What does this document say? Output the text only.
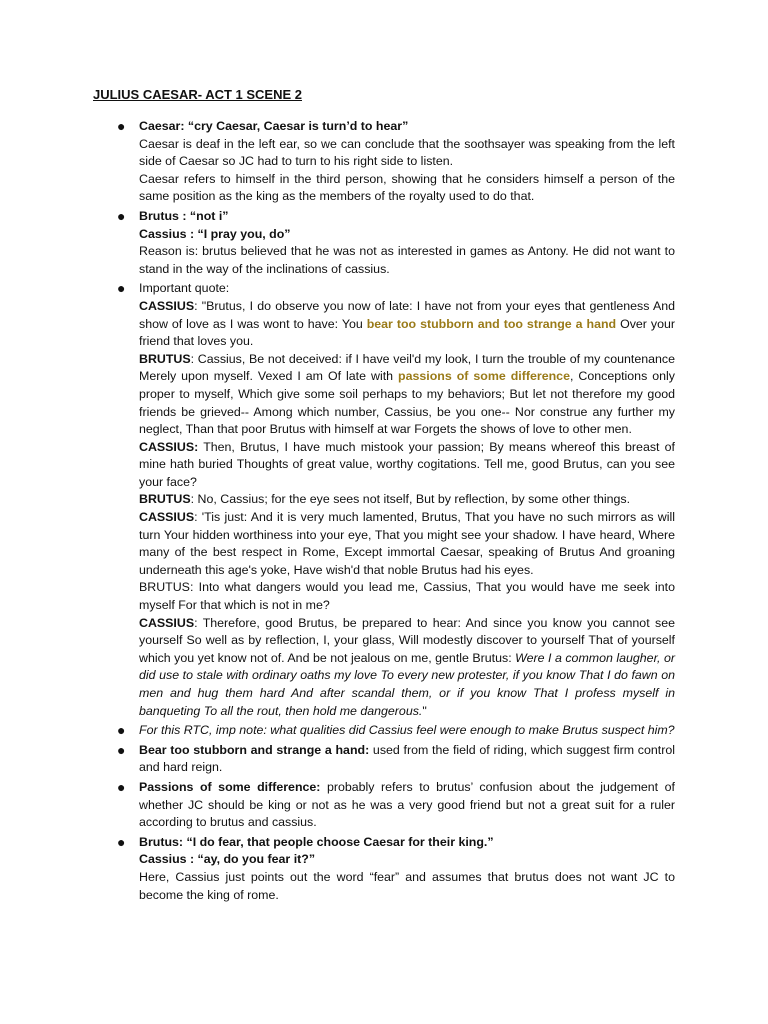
JULIUS CAESAR- ACT 1 SCENE 2
● Caesar: “cry Caesar, Caesar is turn’d to hear”
Caesar is deaf in the left ear, so we can conclude that the soothsayer was speaking from the left side of Caesar so JC had to turn to his right side to listen.
Caesar refers to himself in the third person, showing that he considers himself a person of the same position as the king as the members of the royalty used to do that.
● Brutus : “not i”
Cassius : “I pray you, do”
Reason is: brutus believed that he was not as interested in games as Antony. He did not want to stand in the way of the inclinations of cassius.
● Important quote:
CASSIUS: "Brutus, I do observe you now of late: I have not from your eyes that gentleness And show of love as I was wont to have: You bear too stubborn and too strange a hand Over your friend that loves you.
BRUTUS: Cassius, Be not deceived: if I have veil'd my look, I turn the trouble of my countenance Merely upon myself. Vexed I am Of late with passions of some difference, Conceptions only proper to myself, Which give some soil perhaps to my behaviors; But let not therefore my good friends be grieved-- Among which number, Cassius, be you one-- Nor construe any further my neglect, Than that poor Brutus with himself at war Forgets the shows of love to other men.
CASSIUS: Then, Brutus, I have much mistook your passion; By means whereof this breast of mine hath buried Thoughts of great value, worthy cogitations. Tell me, good Brutus, can you see your face?
BRUTUS: No, Cassius; for the eye sees not itself, But by reflection, by some other things.
CASSIUS: 'Tis just: And it is very much lamented, Brutus, That you have no such mirrors as will turn Your hidden worthiness into your eye, That you might see your shadow. I have heard, Where many of the best respect in Rome, Except immortal Caesar, speaking of Brutus And groaning underneath this age's yoke, Have wish'd that noble Brutus had his eyes.
BRUTUS: Into what dangers would you lead me, Cassius, That you would have me seek into myself For that which is not in me?
CASSIUS: Therefore, good Brutus, be prepared to hear: And since you know you cannot see yourself So well as by reflection, I, your glass, Will modestly discover to yourself That of yourself which you yet know not of. And be not jealous on me, gentle Brutus: Were I a common laugher, or did use to stale with ordinary oaths my love To every new protester, if you know That I do fawn on men and hug them hard And after scandal them, or if you know That I profess myself in banqueting To all the rout, then hold me dangerous."
● For this RTC, imp note: what qualities did Cassius feel were enough to make Brutus suspect him?
● Bear too stubborn and strange a hand: used from the field of riding, which suggest firm control and hard reign.
● Passions of some difference: probably refers to brutus’ confusion about the judgement of whether JC should be king or not as he was a very good friend but not a great suit for a ruler according to brutus and cassius.
● Brutus: “I do fear, that people choose Caesar for their king.”
Cassius : “ay, do you fear it?”
Here, Cassius just points out the word “fear” and assumes that brutus does not want JC to become the king of rome.
